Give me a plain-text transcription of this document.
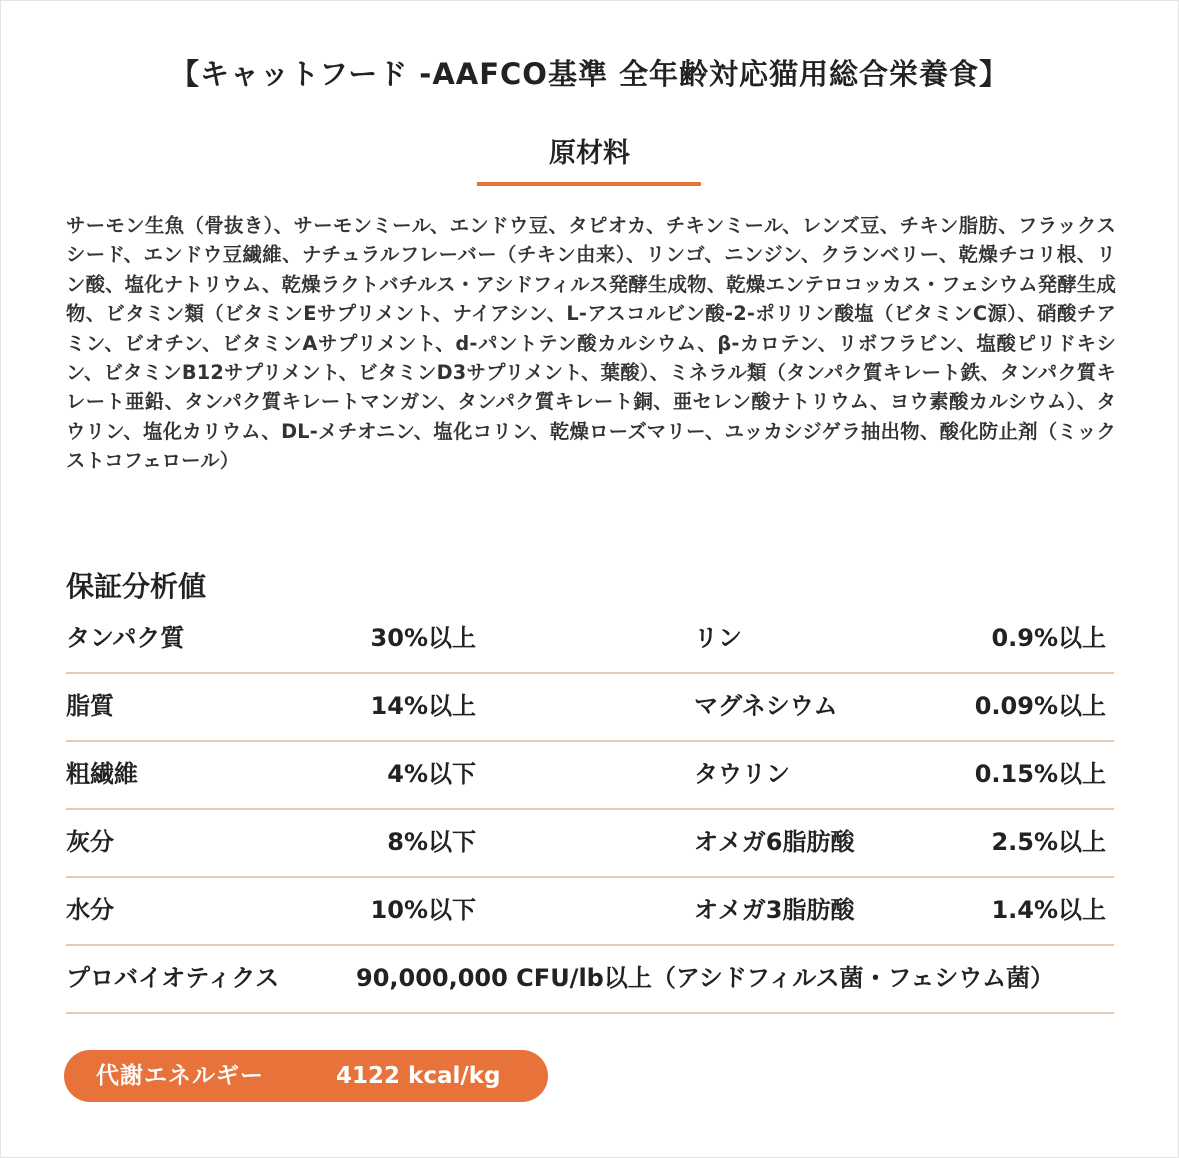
【キャットフード -AAFCO基準 全年齢対応猫用総合栄養食】
原材料
サーモン生魚（骨抜き）、サーモンミール、エンドウ豆、タピオカ、チキンミール、レンズ豆、チキン脂肪、フラックスシード、エンドウ豆繊維、ナチュラルフレーバー（チキン由来）、リンゴ、ニンジン、クランベリー、乾燥チコリ根、リン酸、塩化ナトリウム、乾燥ラクトバチルス・アシドフィルス発酵生成物、乾燥エンテロコッカス・フェシウム発酵生成物、ビタミン類（ビタミンEサプリメント、ナイアシン、L-アスコルビン酸-2-ポリリン酸塩（ビタミンC源）、硝酸チアミン、ビオチン、ビタミンAサプリメント、d-パントテン酸カルシウム、β-カロテン、リボフラビン、塩酸ピリドキシン、ビタミンB12サプリメント、ビタミンD3サプリメント、葉酸）、ミネラル類（タンパク質キレート鉄、タンパク質キレート亜鉛、タンパク質キレートマンガン、タンパク質キレート銅、亜セレン酸ナトリウム、ヨウ素酸カルシウム）、タウリン、塩化カリウム、DL-メチオニン、塩化コリン、乾燥ローズマリー、ユッカシジゲラ抽出物、酸化防止剤（ミックストコフェロール）
保証分析値
タンパク質	30%以上	リン	0.9%以上
脂質	14%以上	マグネシウム	0.09%以上
粗繊維	4%以下	タウリン	0.15%以上
灰分	8%以下	オメガ6脂肪酸	2.5%以上
水分	10%以下	オメガ3脂肪酸	1.4%以上
プロバイオティクス	90,000,000 CFU/lb以上（アシドフィルス菌・フェシウム菌）
代謝エネルギー	4122 kcal/kg
